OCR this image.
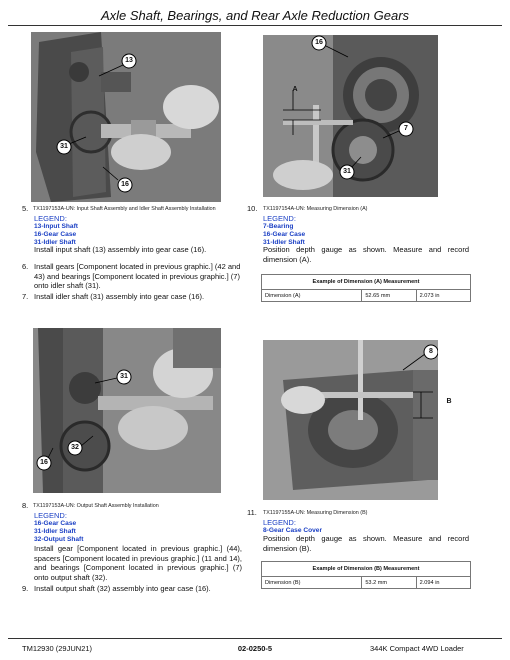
Axle Shaft, Bearings, and Rear Axle Reduction Gears
13
31
16
5. TX1197153A-UN: Input Shaft Assembly and Idler Shaft Assembly Installation
LEGEND:
13-Input Shaft
16-Gear Case
31-Idler Shaft
Install input shaft (13) assembly into gear case (16).
6. Install gears [Component located in previous graphic.] (42 and 43) and bearings [Component located in previous graphic.] (7) onto idler shaft (31).
7. Install idler shaft (31) assembly into gear case (16).
16
A
7
31
10. TX1197154A-UN: Measuring Dimension (A)
LEGEND:
7-Bearing
16-Gear Case
31-Idler Shaft
Position depth gauge as shown. Measure and record dimension (A).
Example of Dimension (A) Measurement
Dimension (A)	52.65 mm	2.073 in
31
32
16
8. TX1197153A-UN: Output Shaft Assembly Installation
LEGEND:
16-Gear Case
31-Idler Shaft
32-Output Shaft
Install gear [Component located in previous graphic.] (44), spacers [Component located in previous graphic.] (11 and 14), and bearings [Component located in previous graphic.] (7) onto output shaft (32).
9. Install output shaft (32) assembly into gear case (16).
8
B
11. TX1197155A-UN: Measuring Dimension (B)
LEGEND:
8-Gear Case Cover
Position depth gauge as shown. Measure and record dimension (B).
Example of Dimension (B) Measurement
Dimension (B)	53.2 mm	2.094 in
TM12930 (29JUN21)	02-0250-5	344K Compact 4WD Loader
